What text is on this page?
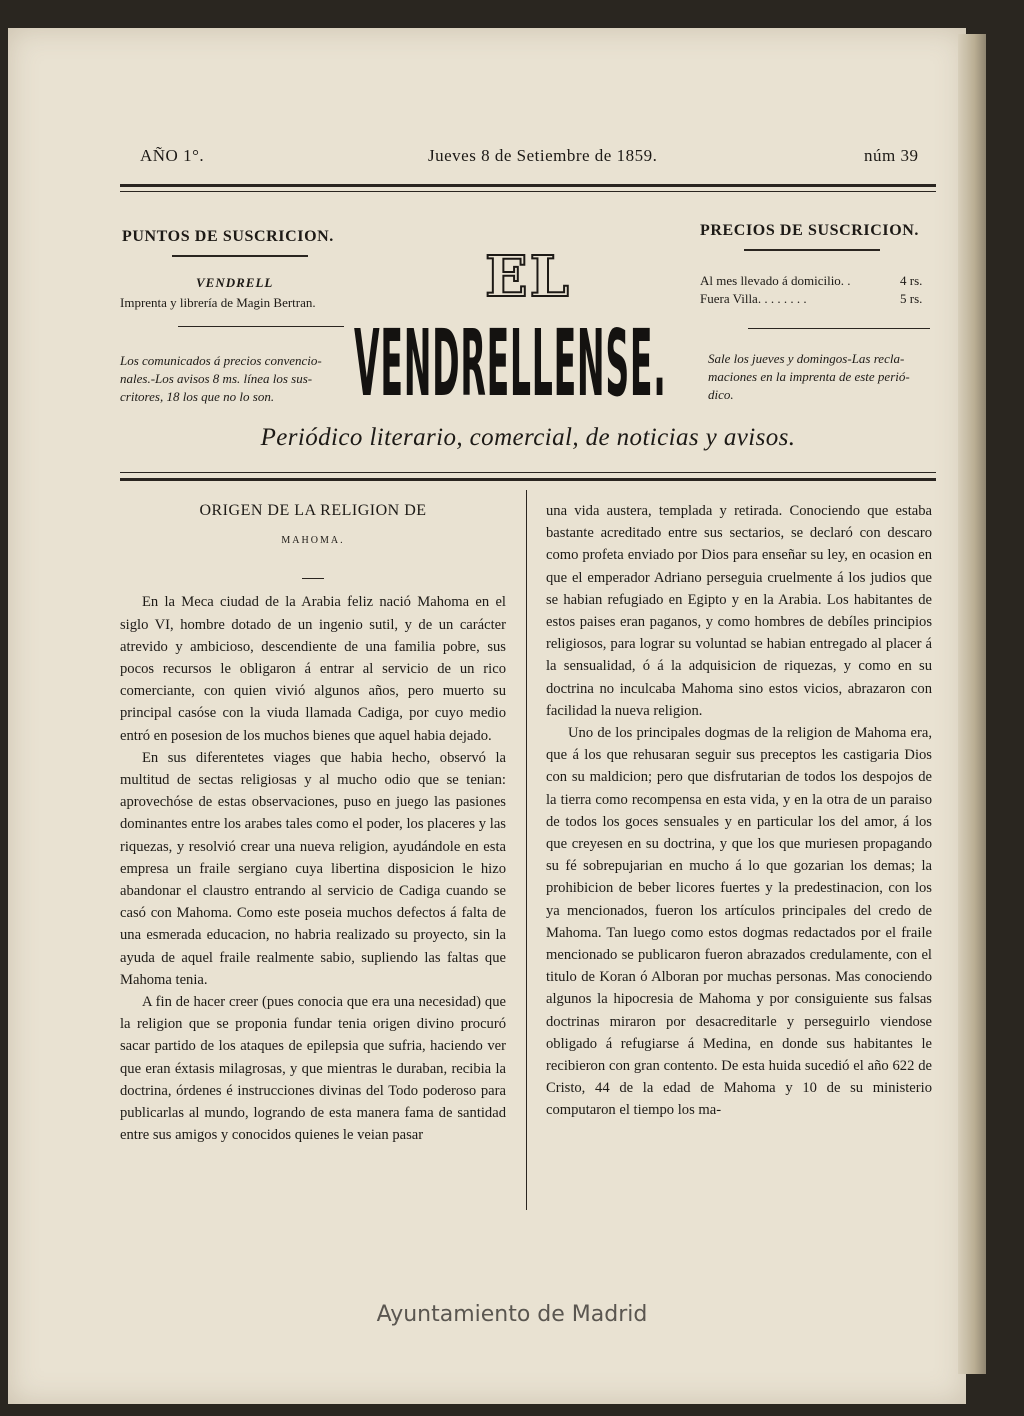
AÑO 1°.	Jueves 8 de Setiembre de 1859.	núm 39
PUNTOS DE SUSCRICION.
VENDRELL
Imprenta y librería de Magin Bertran.
Los comunicados á precios convencio-
nales.-Los avisos 8 ms. línea los sus-
critores, 18 los que no lo son.
EL
VENDRELLENSE.
PRECIOS DE SUSCRICION.
Al mes llevado á domicilio. .	4 rs.
Fuera Villa. . . . . . . .	5 rs.
Sale los jueves y domingos-Las recla-
maciones en la imprenta de este perió-
dico.
Periódico literario, comercial, de noticias y avisos.
ORIGEN DE LA RELIGION DE
MAHOMA.

En la Meca ciudad de la Arabia feliz nació Mahoma en el siglo VI, hombre dotado de un ingenio sutil, y de un carácter atrevido y ambicioso, descendiente de una familia pobre, sus pocos recursos le obligaron á entrar al servicio de un rico comerciante, con quien vivió algunos años, pero muerto su principal casóse con la viuda llamada Cadiga, por cuyo medio entró en posesion de los muchos bienes que aquel habia dejado.

En sus diferentetes viages que habia hecho, observó la multitud de sectas religiosas y al mucho odio que se tenian: aprovechóse de estas observaciones, puso en juego las pasiones dominantes entre los arabes tales como el poder, los placeres y las riquezas, y resolvió crear una nueva religion, ayudándole en esta empresa un fraile sergiano cuya libertina disposicion le hizo abandonar el claustro entrando al servicio de Cadiga cuando se casó con Mahoma. Como este poseia muchos defectos á falta de una esmerada educacion, no habria realizado su proyecto, sin la ayuda de aquel fraile realmente sabio, supliendo las faltas que Mahoma tenia.

A fin de hacer creer (pues conocia que era una necesidad) que la religion que se proponia fundar tenia origen divino procuró sacar partido de los ataques de epilepsia que sufria, haciendo ver que eran éxtasis milagrosas, y que mientras le duraban, recibia la doctrina, órdenes é instrucciones divinas del Todo poderoso para publicarlas al mundo, logrando de esta manera fama de santidad entre sus amigos y conocidos quienes le veian pasar

una vida austera, templada y retirada. Conociendo que estaba bastante acreditado entre sus sectarios, se declaró con descaro como profeta enviado por Dios para enseñar su ley, en ocasion en que el emperador Adriano perseguia cruelmente á los judios que se habian refugiado en Egipto y en la Arabia. Los habitantes de estos paises eran paganos, y como hombres de debíles principios religiosos, para lograr su voluntad se habian entregado al placer á la sensualidad, ó á la adquisicion de riquezas, y como en su doctrina no inculcaba Mahoma sino estos vicios, abrazaron con facilidad la nueva religion.

Uno de los principales dogmas de la religion de Mahoma era, que á los que rehusaran seguir sus preceptos les castigaria Dios con su maldicion; pero que disfrutarian de todos los despojos de la tierra como recompensa en esta vida, y en la otra de un paraiso de todos los goces sensuales y en particular los del amor, á los que creyesen en su doctrina, y que los que muriesen propagando su fé sobrepujarian en mucho á lo que gozarian los demas; la prohibicion de beber licores fuertes y la predestinacion, con los ya mencionados, fueron los artículos principales del credo de Mahoma. Tan luego como estos dogmas redactados por el fraile mencionado se publicaron fueron abrazados credulamente, con el titulo de Koran ó Alboran por muchas personas. Mas conociendo algunos la hipocresia de Mahoma y por consiguiente sus falsas doctrinas miraron por desacreditarle y perseguirlo viendose obligado á refugiarse á Medina, en donde sus habitantes le recibieron con gran contento. De esta huida sucedió el año 622 de Cristo, 44 de la edad de Mahoma y 10 de su ministerio computaron el tiempo los ma-

Ayuntamiento de Madrid
